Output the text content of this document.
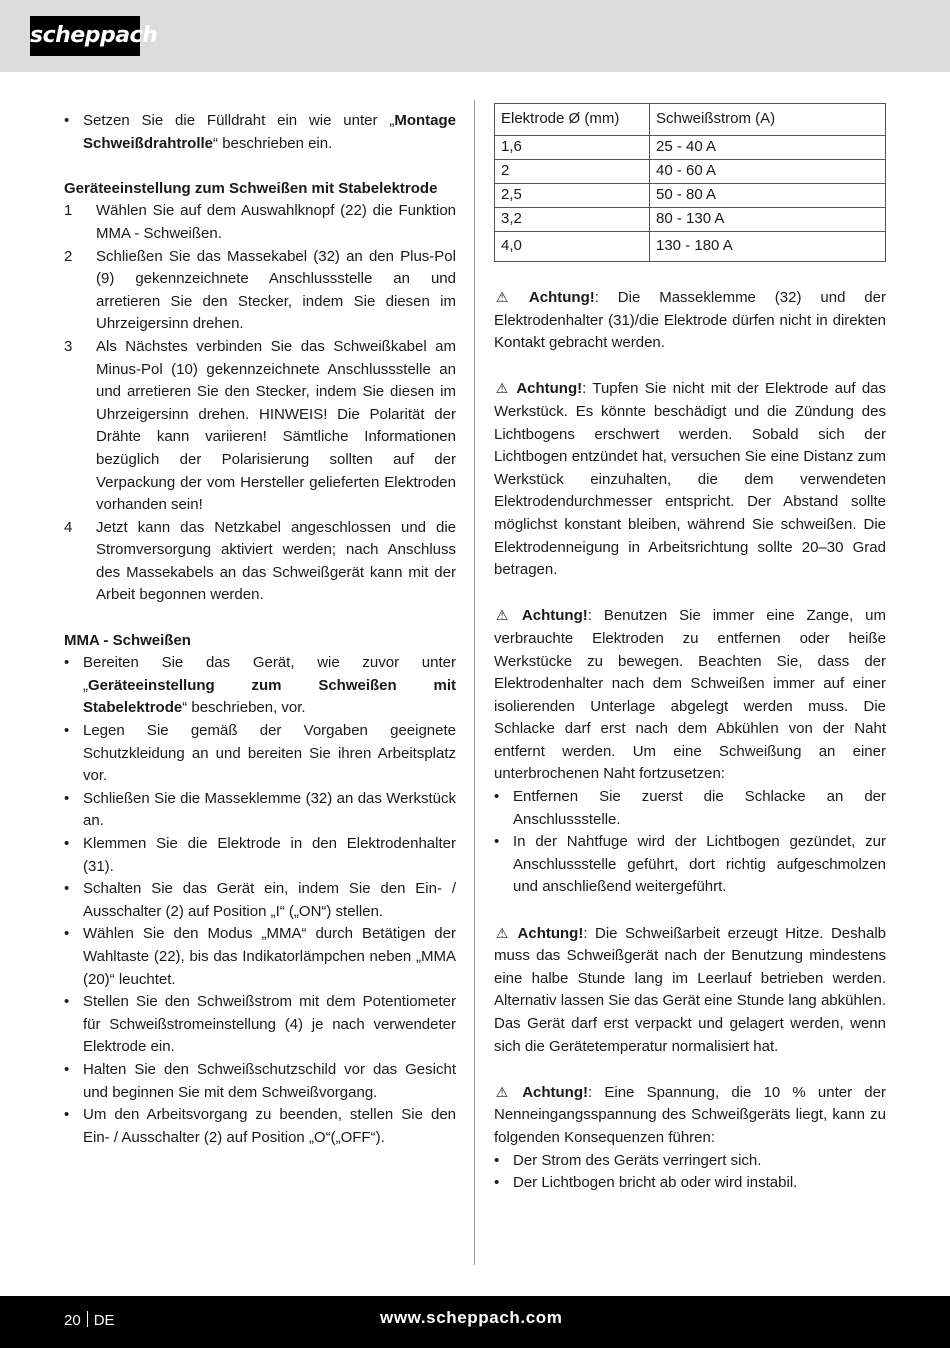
scheppach
• Setzen Sie die Fülldraht ein wie unter „Montage Schweißdrahtrolle“ beschrieben ein.

Geräteeinstellung zum Schweißen mit Stabelektrode

1	Wählen Sie auf dem Auswahlknopf (22) die Funktion MMA - Schweißen.
2	Schließen Sie das Massekabel (32) an den Plus-Pol (9) gekennzeichnete Anschlussstelle an und arretieren Sie den Stecker, indem Sie diesen im Uhrzeigersinn drehen.
3	Als Nächstes verbinden Sie das Schweißkabel am Minus-Pol (10) gekennzeichnete Anschlussstelle an und arretieren Sie den Stecker, indem Sie diesen im Uhrzeigersinn drehen. HINWEIS! Die Polarität der Drähte kann variieren! Sämtliche Informationen bezüglich der Polarisierung sollten auf der Verpackung der vom Hersteller gelieferten Elektroden vorhanden sein!
4	Jetzt kann das Netzkabel angeschlossen und die Stromversorgung aktiviert werden; nach Anschluss des Massekabels an das Schweißgerät kann mit der Arbeit begonnen werden.

MMA - Schweißen

• Bereiten Sie das Gerät, wie zuvor unter „Geräteeinstellung zum Schweißen mit Stabelektrode“ beschrieben, vor.
• Legen Sie gemäß der Vorgaben geeignete Schutzkleidung an und bereiten Sie ihren Arbeitsplatz vor.
• Schließen Sie die Masseklemme (32) an das Werkstück an.
• Klemmen Sie die Elektrode in den Elektrodenhalter (31).
• Schalten Sie das Gerät ein, indem Sie den Ein- / Ausschalter (2) auf Position „I“ („ON“) stellen.
• Wählen Sie den Modus „MMA“ durch Betätigen der Wahltaste (22), bis das Indikatorlämpchen neben „MMA (20)“ leuchtet.
• Stellen Sie den Schweißstrom mit dem Potentiometer für Schweißstromeinstellung (4) je nach verwendeter Elektrode ein.
• Halten Sie den Schweißschutzschild vor das Gesicht und beginnen Sie mit dem Schweißvorgang.
• Um den Arbeitsvorgang zu beenden, stellen Sie den Ein- / Ausschalter (2) auf Position „O“(„OFF“).
Elektrode Ø (mm)	Schweißstrom (A)
1,6	25 - 40 A
2	40 - 60 A
2,5	50 - 80 A
3,2	80 - 130 A
4,0	130 - 180 A

⚠ Achtung!: Die Masseklemme (32) und der Elektrodenhalter (31)/die Elektrode dürfen nicht in direkten Kontakt gebracht werden.

⚠ Achtung!: Tupfen Sie nicht mit der Elektrode auf das Werkstück. Es könnte beschädigt und die Zündung des Lichtbogens erschwert werden. Sobald sich der Lichtbogen entzündet hat, versuchen Sie eine Distanz zum Werkstück einzuhalten, die dem verwendeten Elektrodendurchmesser entspricht. Der Abstand sollte möglichst konstant bleiben, während Sie schweißen. Die Elektrodenneigung in Arbeitsrichtung sollte 20–30 Grad betragen.

⚠ Achtung!: Benutzen Sie immer eine Zange, um verbrauchte Elektroden zu entfernen oder heiße Werkstücke zu bewegen. Beachten Sie, dass der Elektrodenhalter nach dem Schweißen immer auf einer isolierenden Unterlage abgelegt werden muss. Die Schlacke darf erst nach dem Abkühlen von der Naht entfernt werden. Um eine Schweißung an einer unterbrochenen Naht fortzusetzen:

• Entfernen Sie zuerst die Schlacke an der Anschlussstelle.
• In der Nahtfuge wird der Lichtbogen gezündet, zur Anschlussstelle geführt, dort richtig aufgeschmolzen und anschließend weitergeführt.

⚠ Achtung!: Die Schweißarbeit erzeugt Hitze. Deshalb muss das Schweißgerät nach der Benutzung mindestens eine halbe Stunde lang im Leerlauf betrieben werden. Alternativ lassen Sie das Gerät eine Stunde lang abkühlen. Das Gerät darf erst verpackt und gelagert werden, wenn sich die Gerätetemperatur normalisiert hat.

⚠ Achtung!: Eine Spannung, die 10 % unter der Nenneingangsspannung des Schweißgeräts liegt, kann zu folgenden Konsequenzen führen:

• Der Strom des Geräts verringert sich.
• Der Lichtbogen bricht ab oder wird instabil.
20 DE	www.scheppach.com
